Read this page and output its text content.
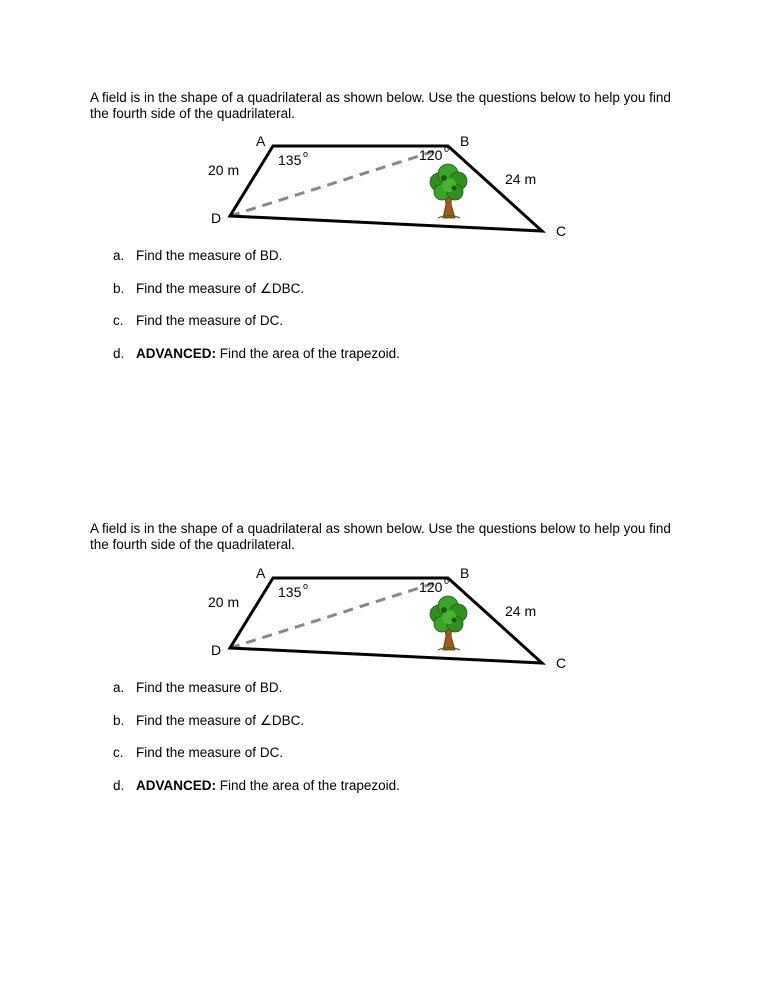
A field is in the shape of a quadrilateral as shown below. Use the questions below to help you find the fourth side of the quadrilateral.

A	B
C
D
135 o	120 o
20 m
24 m
a. Find the measure of BD.
b. Find the measure of ∠DBC.
c. Find the measure of DC.
d. ADVANCED: Find the area of the trapezoid.

A field is in the shape of a quadrilateral as shown below. Use the questions below to help you find the fourth side of the quadrilateral.

A	B
C
D
135 o	120 o
20 m
24 m
a. Find the measure of BD.
b. Find the measure of ∠DBC.
c. Find the measure of DC.
d. ADVANCED: Find the area of the trapezoid.
